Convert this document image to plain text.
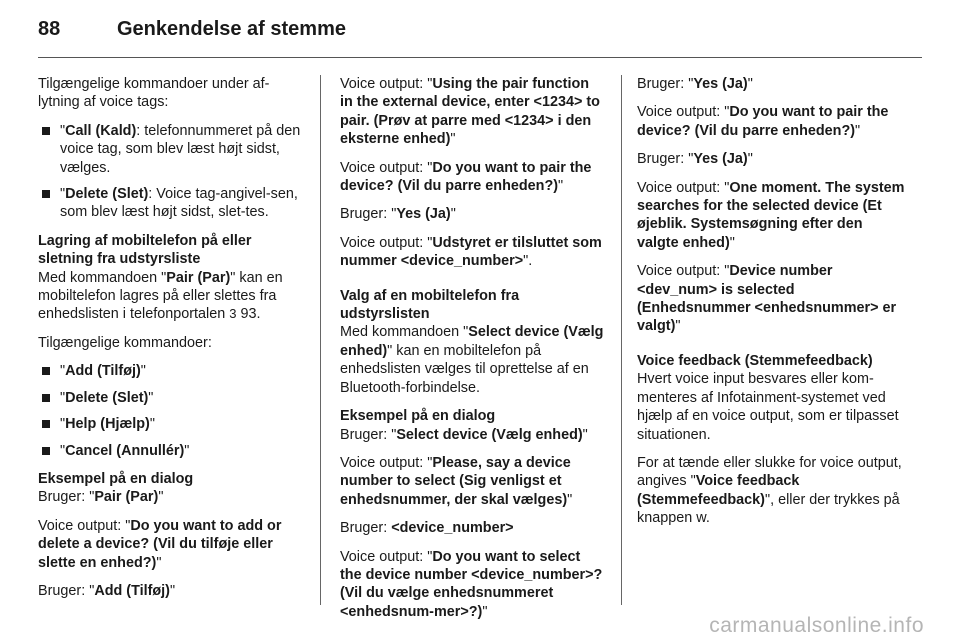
88	Genkendelse af stemme

Tilgængelige kommandoer under af-lytning af voice tags:

"Call (Kald): telefonnummeret på den voice tag, som blev læst højt sidst, vælges.
"Delete (Slet): Voice tag-angivel-sen, som blev læst højt sidst, slet-tes.

Lagring af mobiltelefon på eller sletning fra udstyrsliste

Med kommandoen "Pair (Par)" kan en mobiltelefon lagres på eller slettes fra enhedslisten i telefonportalen 3 93.

Tilgængelige kommandoer:

"Add (Tilføj)"
"Delete (Slet)"
"Help (Hjælp)"
"Cancel (Annullér)"

Eksempel på en dialog

Bruger: "Pair (Par)"

Voice output: "Do you want to add or delete a device? (Vil du tilføje eller slette en enhed?)"

Bruger: "Add (Tilføj)"

Voice output: "Using the pair function in the external device, enter <1234> to pair. (Prøv at parre med <1234> i den eksterne enhed)"

Voice output: "Do you want to pair the device? (Vil du parre enheden?)"

Bruger: "Yes (Ja)"

Voice output: "Udstyret er tilsluttet som nummer <device_number>".

Valg af en mobiltelefon fra udstyrslisten

Med kommandoen "Select device (Vælg enhed)" kan en mobiltelefon på enhedslisten vælges til oprettelse af en Bluetooth-forbindelse.

Eksempel på en dialog

Bruger: "Select device (Vælg enhed)"

Voice output: "Please, say a device number to select (Sig venligst et enhedsnummer, der skal vælges)"

Bruger: <device_number>

Voice output: "Do you want to select the device number <device_number>? (Vil du vælge enhedsnummeret <enhedsnum-mer>?)"

Bruger: "Yes (Ja)"

Voice output: "Do you want to pair the device? (Vil du parre enheden?)"

Bruger: "Yes (Ja)"

Voice output: "One moment. The system searches for the selected device (Et øjeblik. Systemsøgning efter den valgte enhed)"

Voice output: "Device number <dev_num> is selected (Enhedsnummer <enhedsnummer> er valgt)"

Voice feedback (Stemmefeedback)

Hvert voice input besvares eller kom-menteres af Infotainment-systemet ved hjælp af en voice output, som er tilpasset situationen.

For at tænde eller slukke for voice output, angives "Voice feedback (Stemmefeedback)", eller der trykkes på knappen w.

carmanualsonline.info
